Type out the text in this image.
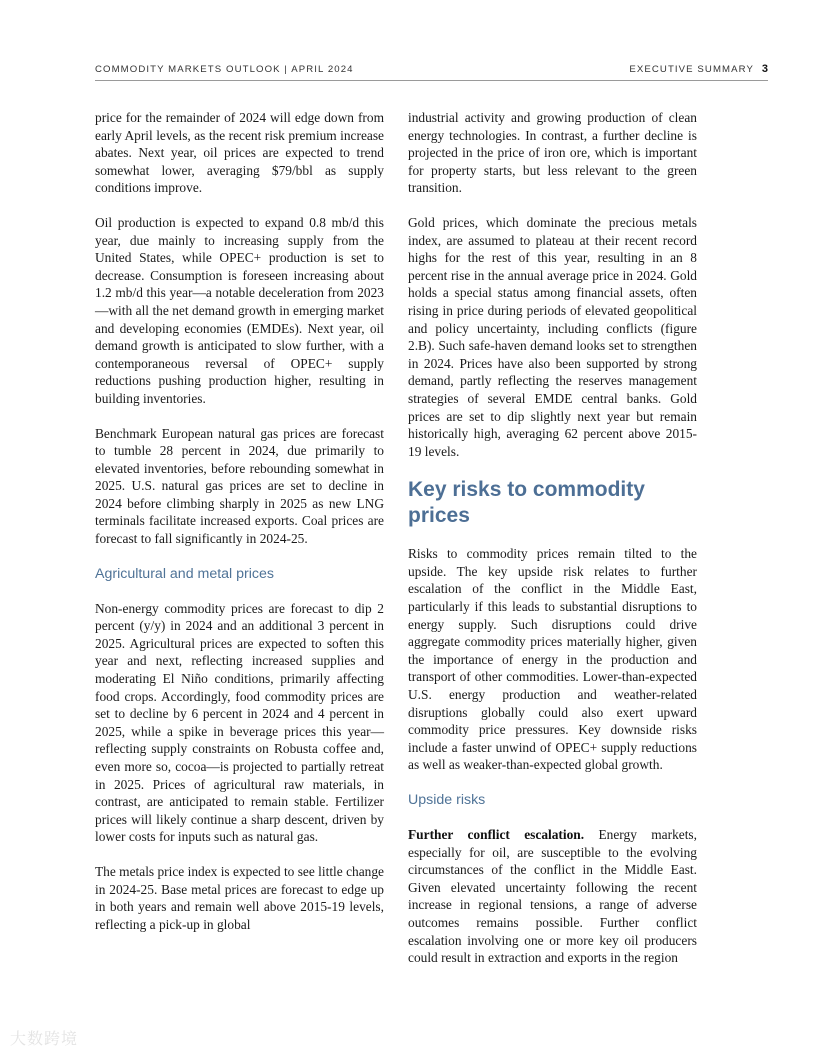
COMMODITY MARKETS OUTLOOK | APRIL 2024	EXECUTIVE SUMMARY 3

price for the remainder of 2024 will edge down from early April levels, as the recent risk premium increase abates. Next year, oil prices are expected to trend somewhat lower, averaging $79/bbl as supply conditions improve.

Oil production is expected to expand 0.8 mb/d this year, due mainly to increasing supply from the United States, while OPEC+ production is set to decrease. Consumption is foreseen increasing about 1.2 mb/d this year—a notable deceleration from 2023—with all the net demand growth in emerging market and developing economies (EMDEs). Next year, oil demand growth is anticipated to slow further, with a contemporaneous reversal of OPEC+ supply reductions pushing production higher, resulting in building inventories.

Benchmark European natural gas prices are forecast to tumble 28 percent in 2024, due primarily to elevated inventories, before rebounding somewhat in 2025. U.S. natural gas prices are set to decline in 2024 before climbing sharply in 2025 as new LNG terminals facilitate increased exports. Coal prices are forecast to fall significantly in 2024-25.

Agricultural and metal prices

Non-energy commodity prices are forecast to dip 2 percent (y/y) in 2024 and an additional 3 percent in 2025. Agricultural prices are expected to soften this year and next, reflecting increased supplies and moderating El Niño conditions, primarily affecting food crops. Accordingly, food commodity prices are set to decline by 6 percent in 2024 and 4 percent in 2025, while a spike in beverage prices this year—reflecting supply constraints on Robusta coffee and, even more so, cocoa—is projected to partially retreat in 2025. Prices of agricultural raw materials, in contrast, are anticipated to remain stable. Fertilizer prices will likely continue a sharp descent, driven by lower costs for inputs such as natural gas.

The metals price index is expected to see little change in 2024-25. Base metal prices are forecast to edge up in both years and remain well above 2015-19 levels, reflecting a pick-up in global

industrial activity and growing production of clean energy technologies. In contrast, a further decline is projected in the price of iron ore, which is important for property starts, but less relevant to the green transition.

Gold prices, which dominate the precious metals index, are assumed to plateau at their recent record highs for the rest of this year, resulting in an 8 percent rise in the annual average price in 2024. Gold holds a special status among financial assets, often rising in price during periods of elevated geopolitical and policy uncertainty, including conflicts (figure 2.B). Such safe-haven demand looks set to strengthen in 2024. Prices have also been supported by strong demand, partly reflecting the reserves management strategies of several EMDE central banks. Gold prices are set to dip slightly next year but remain historically high, averaging 62 percent above 2015-19 levels.

Key risks to commodity prices

Risks to commodity prices remain tilted to the upside. The key upside risk relates to further escalation of the conflict in the Middle East, particularly if this leads to substantial disruptions to energy supply. Such disruptions could drive aggregate commodity prices materially higher, given the importance of energy in the production and transport of other commodities. Lower-than-expected U.S. energy production and weather-related disruptions globally could also exert upward commodity price pressures. Key downside risks include a faster unwind of OPEC+ supply reductions as well as weaker-than-expected global growth.

Upside risks

Further conflict escalation. Energy markets, especially for oil, are susceptible to the evolving circumstances of the conflict in the Middle East. Given elevated uncertainty following the recent increase in regional tensions, a range of adverse outcomes remains possible. Further conflict escalation involving one or more key oil producers could result in extraction and exports in the region

大数跨境
